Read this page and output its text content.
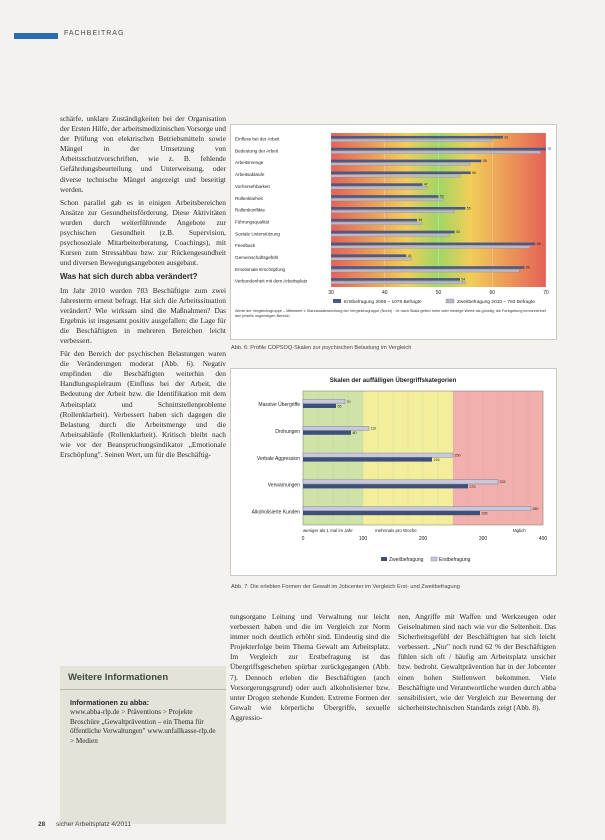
FACHBEITRAG

schärfe, unklare Zuständigkeiten bei der Organisation der Ersten Hilfe, der arbeitsmedizinischen Vorsorge und der Prüfung von elektrischen Betriebsmitteln sowie Mängel in der Umsetzung von Arbeitsschutzvorschriften, wie z. B. fehlende Gefährdungsbeurteilung und Unterweisung, oder diverse technische Mängel angezeigt und beseitigt werden.

Schon parallel gab es in einigen Arbeitsbereichen Ansätze zur Gesundheitsförderung. Diese Aktivitäten wurden durch weiterführende Angebote zur psychischen Gesundheit (z.B. Supervision, psychosoziale Mitarbeiterberatung, Coachings), mit Kursen zum Stressabbau bzw. zur Rückengesundheit und diversen Bewegungsangeboten ausgebaut.

Was hat sich durch abba verändert?

Im Jahr 2010 wurden 783 Beschäftigte zum zwei Jahresterm erneut befragt. Hat sich die Arbeitssituation verändert? Wie wirksam sind die Maßnahmen? Das Ergebnis ist insgesamt positiv ausgefallen: die Lage für die Beschäftigten in mehreren Bereichen leicht verbessert.

Für den Bereich der psychischen Belastungen waren die Veränderungen moderat (Abb. 6). Negativ empfinden die Beschäftigten weiterhin den Handlungsspielraum (Einfluss bei der Arbeit, die Bedeutung der Arbeit bzw. die Identifikation mit dem Arbeitsplatz und Schnittstellenprobleme (Rollenklarheit). Verbessert haben sich dagegen die Belastung durch die Arbeitsmenge und die Arbeitsabläufe (Rollenklarheit). Kritisch bleibt nach wie vor der Beanspruchungsindikator „Emotionale Erschöpfung". Seinen Wert, um für die Beschäftig-

30	40	50	60	70
Einfluss bei der Arbeit	62
Bedeutung der Arbeit	70
Arbeitsmenge	58
Arbeitsabläufe	56
Vorhersehbarkeit	47
Rollenklarheit	50
Rollenkonflikte	55
Führungsqualität	46
Soziale Unterstützung	53
Feedback	68
Gemeinschaftsgefühl	44
Emotionale Erschöpfung	66
Verbundenheit mit dem Arbeitsplatz	54
Erstbefragung 2008 – 1078 Befragte	Zweitbefragung 2010 – 783 Befragte
Werte der Vergleichsgruppe – Mittelwert ± Standardabweichung der Vergleichsgruppe (Norm) · Je nach Skala gelten hohe oder niedrige Werte als günstig; die Farbgebung kennzeichnet den jeweils ungünstigen Bereich.
Abb. 6: Profile COPSOQ-Skalen zur psychischen Belastung im Vergleich
Skalen der auffälligen Übergriffskategorien
Massive Übergriffe
70
55
Drohungen
110
80
Verbale Aggression
250
215
Verwarnungen
325
275
Alkoholisierte Kunden
380
295
weniger als 1 mal im Jahr	mehrmals pro Woche	täglich
0	100	200	300	400
Zweitbefragung	Erstbefragung
Abb. 7: Die erlebten Formen der Gewalt im Jobcenter im Vergleich Erst- und Zweitbefragung

tungsorgane Leitung und Verwaltung nur leicht verbessert haben und die im Vergleich zur Norm immer noch deutlich erhöht sind. Eindeutig sind die Projekterfolge beim Thema Gewalt am Arbeitsplatz. Im Vergleich zur Erstbefragung ist das Übergriffsgeschehen spürbar zurückgegangen (Abb. 7). Dennoch erleben die Beschäftigten (auch Vorsorgerungsgrund) oder auch alkoholisierter bzw. unter Drogen stehende Kunden. Extreme Formen der Gewalt wie körperliche Übergriffe, sexuelle Aggressio-

nen, Angriffe mit Waffen und Werkzeugen oder Geiselnahmen sind nach wie vor die Seltenheit. Das Sicherheitsgefühl der Beschäftigten hat sich leicht verbessert. „Nur" noch rund 62 % der Beschäftigten fühlen sich oft / häufig am Arbeitsplatz unsicher bzw. bedroht. Gewaltprävention hat in der Jobcenter einen hohen Stellenwert bekommen. Viele Beschäftigte und Verantwortliche wurden durch abba sensibilisiert, wie der Vergleich zur Bewertung der sicherheitstechnischen Standards zeigt (Abb. 8).

Weitere Informationen
Informationen zu abba:
www.abba-rlp.de > Präventions > Projekte Broschüre „Gewaltprävention – ein Thema für öffentliche Verwaltungen" www.unfallkasse-rlp.de > Medien
28 sicher Arbeitsplatz 4/2011
